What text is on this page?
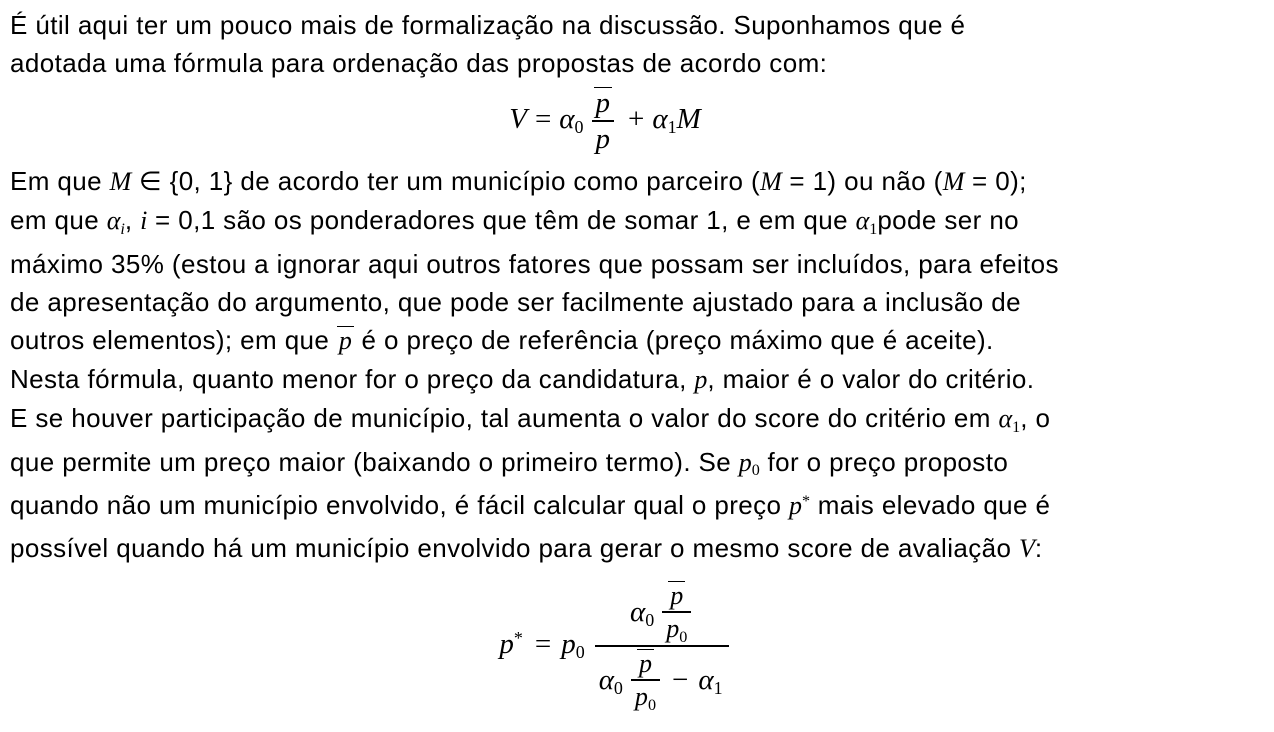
É útil aqui ter um pouco mais de formalização na discussão. Suponhamos que é
adotada uma fórmula para ordenação das propostas de acordo com:
$V = \alpha 0 \frac{p}{p} + \alpha 1M$
Em que M ∈ {0, 1} de acordo ter um município como parceiro (M = 1) ou não (M = 0);
em que αi, i = 0,1 são os ponderadores que têm de somar 1, e em que α1pode ser no
máximo 35% (estou a ignorar aqui outros fatores que possam ser incluídos, para efeitos
de apresentação do argumento, que pode ser facilmente ajustado para a inclusão de
outros elementos); em que p é o preço de referência (preço máximo que é aceite).
Nesta fórmula, quanto menor for o preço da candidatura, p, maior é o valor do critério.
E se houver participação de município, tal aumenta o valor do score do critério em α1, o
que permite um preço maior (baixando o primeiro termo). Se p0 for o preço proposto
quando não um município envolvido, é fácil calcular qual o preço p* mais elevado que é
possível quando há um município envolvido para gerar o mesmo score de avaliação V:
$p^* = p0 \frac{\alpha 0 \frac{p}{p0}}{\alpha 0 \frac{p}{p0} - \alpha 1}$
